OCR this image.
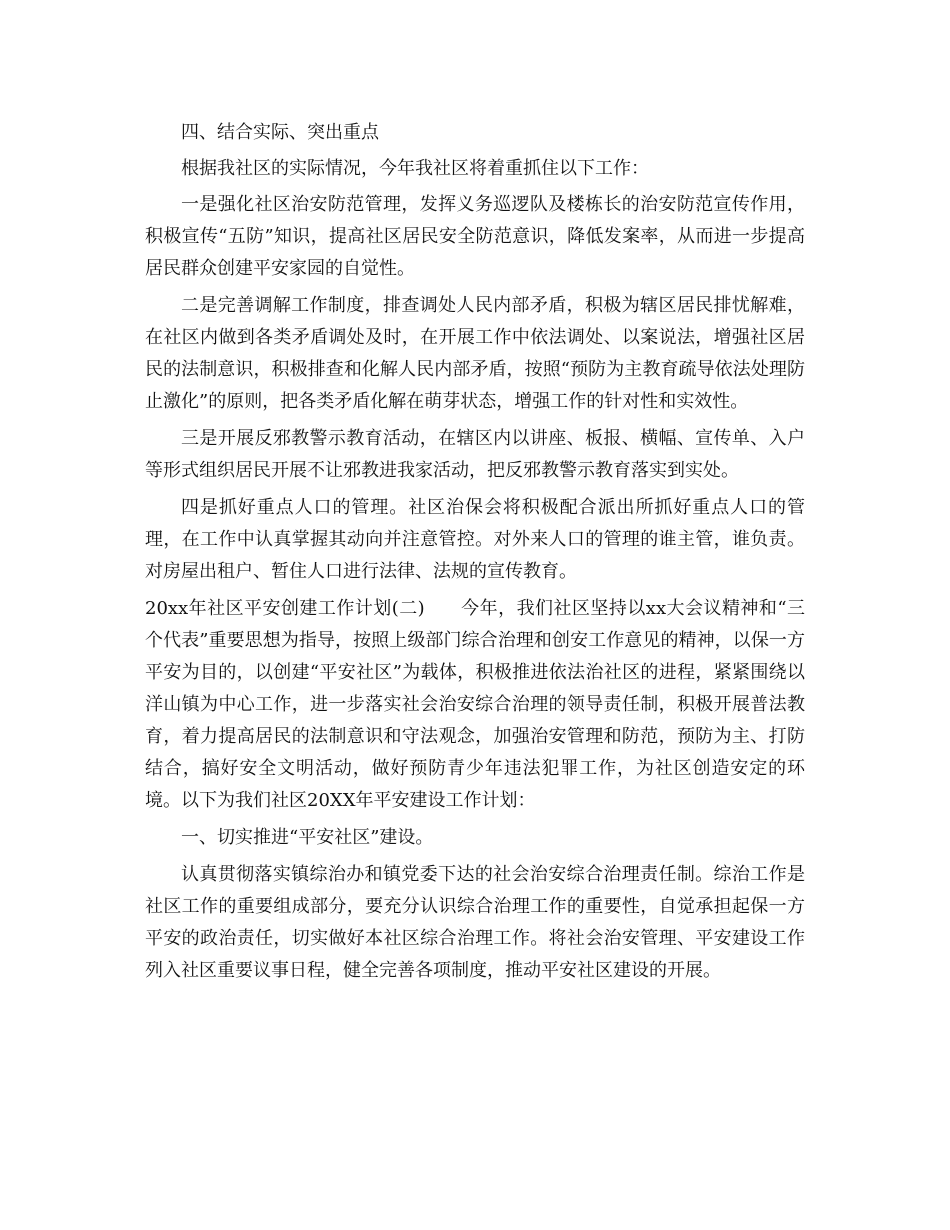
四、结合实际、突出重点

根据我社区的实际情况，今年我社区将着重抓住以下工作：

一是强化社区治安防范管理，发挥义务巡逻队及楼栋长的治安防范宣传作用，积极宣传“五防”知识，提高社区居民安全防范意识，降低发案率，从而进一步提高居民群众创建平安家园的自觉性。

二是完善调解工作制度，排查调处人民内部矛盾，积极为辖区居民排忧解难，在社区内做到各类矛盾调处及时，在开展工作中依法调处、以案说法，增强社区居民的法制意识，积极排查和化解人民内部矛盾，按照“预防为主教育疏导依法处理防止激化”的原则，把各类矛盾化解在萌芽状态，增强工作的针对性和实效性。

三是开展反邪教警示教育活动，在辖区内以讲座、板报、横幅、宣传单、入户等形式组织居民开展不让邪教进我家活动，把反邪教警示教育落实到实处。

四是抓好重点人口的管理。社区治保会将积极配合派出所抓好重点人口的管理，在工作中认真掌握其动向并注意管控。对外来人口的管理的谁主管，谁负责。对房屋出租户、暂住人口进行法律、法规的宣传教育。

20xx年社区平安创建工作计划(二) 今年，我们社区坚持以xx大会议精神和“三个代表”重要思想为指导，按照上级部门综合治理和创安工作意见的精神，以保一方平安为目的，以创建“平安社区”为载体，积极推进依法治社区的进程，紧紧围绕以洋山镇为中心工作，进一步落实社会治安综合治理的领导责任制，积极开展普法教育，着力提高居民的法制意识和守法观念，加强治安管理和防范，预防为主、打防结合，搞好安全文明活动，做好预防青少年违法犯罪工作，为社区创造安定的环境。以下为我们社区20XX年平安建设工作计划：

一、切实推进“平安社区”建设。

认真贯彻落实镇综治办和镇党委下达的社会治安综合治理责任制。综治工作是社区工作的重要组成部分，要充分认识综合治理工作的重要性，自觉承担起保一方平安的政治责任，切实做好本社区综合治理工作。将社会治安管理、平安建设工作列入社区重要议事日程，健全完善各项制度，推动平安社区建设的开展。
